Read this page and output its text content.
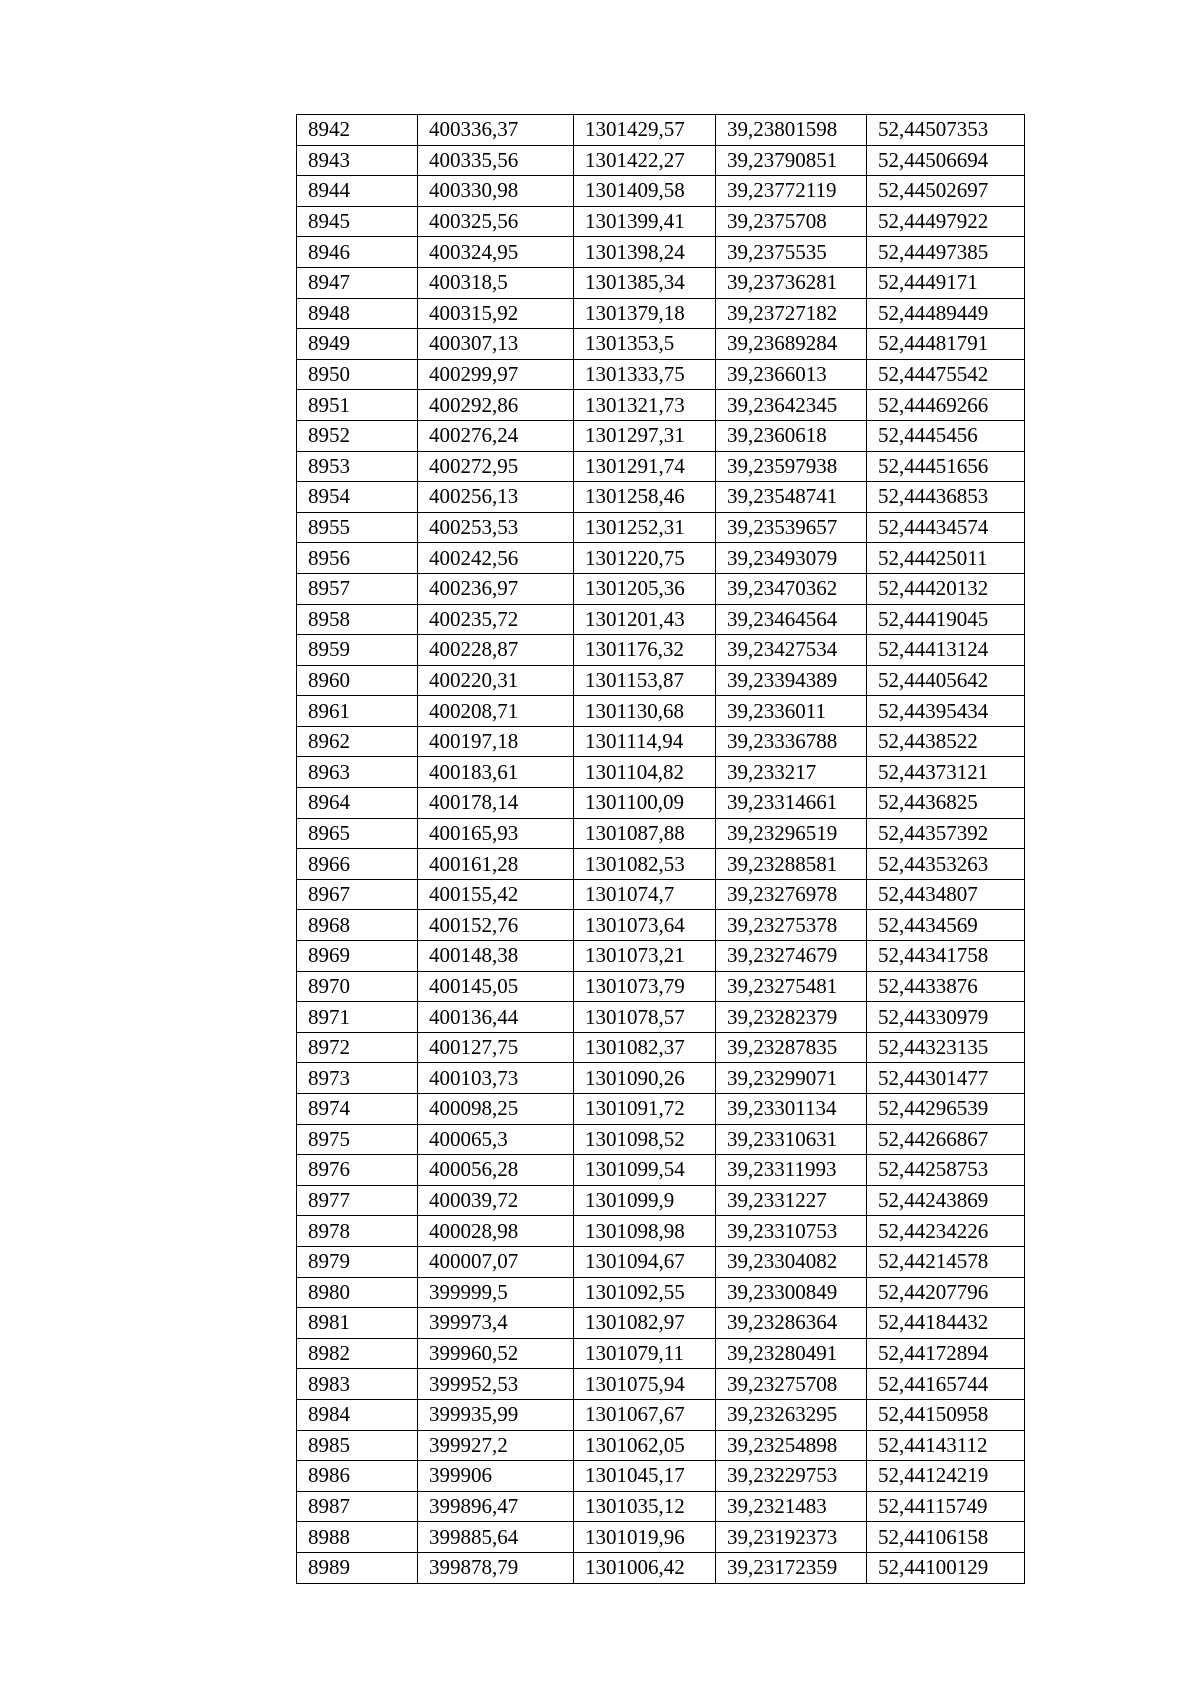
8942	400336,37	1301429,57	39,23801598	52,44507353
8943	400335,56	1301422,27	39,23790851	52,44506694
8944	400330,98	1301409,58	39,23772119	52,44502697
8945	400325,56	1301399,41	39,2375708	52,44497922
8946	400324,95	1301398,24	39,2375535	52,44497385
8947	400318,5	1301385,34	39,23736281	52,4449171
8948	400315,92	1301379,18	39,23727182	52,44489449
8949	400307,13	1301353,5	39,23689284	52,44481791
8950	400299,97	1301333,75	39,2366013	52,44475542
8951	400292,86	1301321,73	39,23642345	52,44469266
8952	400276,24	1301297,31	39,2360618	52,4445456
8953	400272,95	1301291,74	39,23597938	52,44451656
8954	400256,13	1301258,46	39,23548741	52,44436853
8955	400253,53	1301252,31	39,23539657	52,44434574
8956	400242,56	1301220,75	39,23493079	52,44425011
8957	400236,97	1301205,36	39,23470362	52,44420132
8958	400235,72	1301201,43	39,23464564	52,44419045
8959	400228,87	1301176,32	39,23427534	52,44413124
8960	400220,31	1301153,87	39,23394389	52,44405642
8961	400208,71	1301130,68	39,2336011	52,44395434
8962	400197,18	1301114,94	39,23336788	52,4438522
8963	400183,61	1301104,82	39,233217	52,44373121
8964	400178,14	1301100,09	39,23314661	52,4436825
8965	400165,93	1301087,88	39,23296519	52,44357392
8966	400161,28	1301082,53	39,23288581	52,44353263
8967	400155,42	1301074,7	39,23276978	52,4434807
8968	400152,76	1301073,64	39,23275378	52,4434569
8969	400148,38	1301073,21	39,23274679	52,44341758
8970	400145,05	1301073,79	39,23275481	52,4433876
8971	400136,44	1301078,57	39,23282379	52,44330979
8972	400127,75	1301082,37	39,23287835	52,44323135
8973	400103,73	1301090,26	39,23299071	52,44301477
8974	400098,25	1301091,72	39,23301134	52,44296539
8975	400065,3	1301098,52	39,23310631	52,44266867
8976	400056,28	1301099,54	39,23311993	52,44258753
8977	400039,72	1301099,9	39,2331227	52,44243869
8978	400028,98	1301098,98	39,23310753	52,44234226
8979	400007,07	1301094,67	39,23304082	52,44214578
8980	399999,5	1301092,55	39,23300849	52,44207796
8981	399973,4	1301082,97	39,23286364	52,44184432
8982	399960,52	1301079,11	39,23280491	52,44172894
8983	399952,53	1301075,94	39,23275708	52,44165744
8984	399935,99	1301067,67	39,23263295	52,44150958
8985	399927,2	1301062,05	39,23254898	52,44143112
8986	399906	1301045,17	39,23229753	52,44124219
8987	399896,47	1301035,12	39,2321483	52,44115749
8988	399885,64	1301019,96	39,23192373	52,44106158
8989	399878,79	1301006,42	39,23172359	52,44100129
